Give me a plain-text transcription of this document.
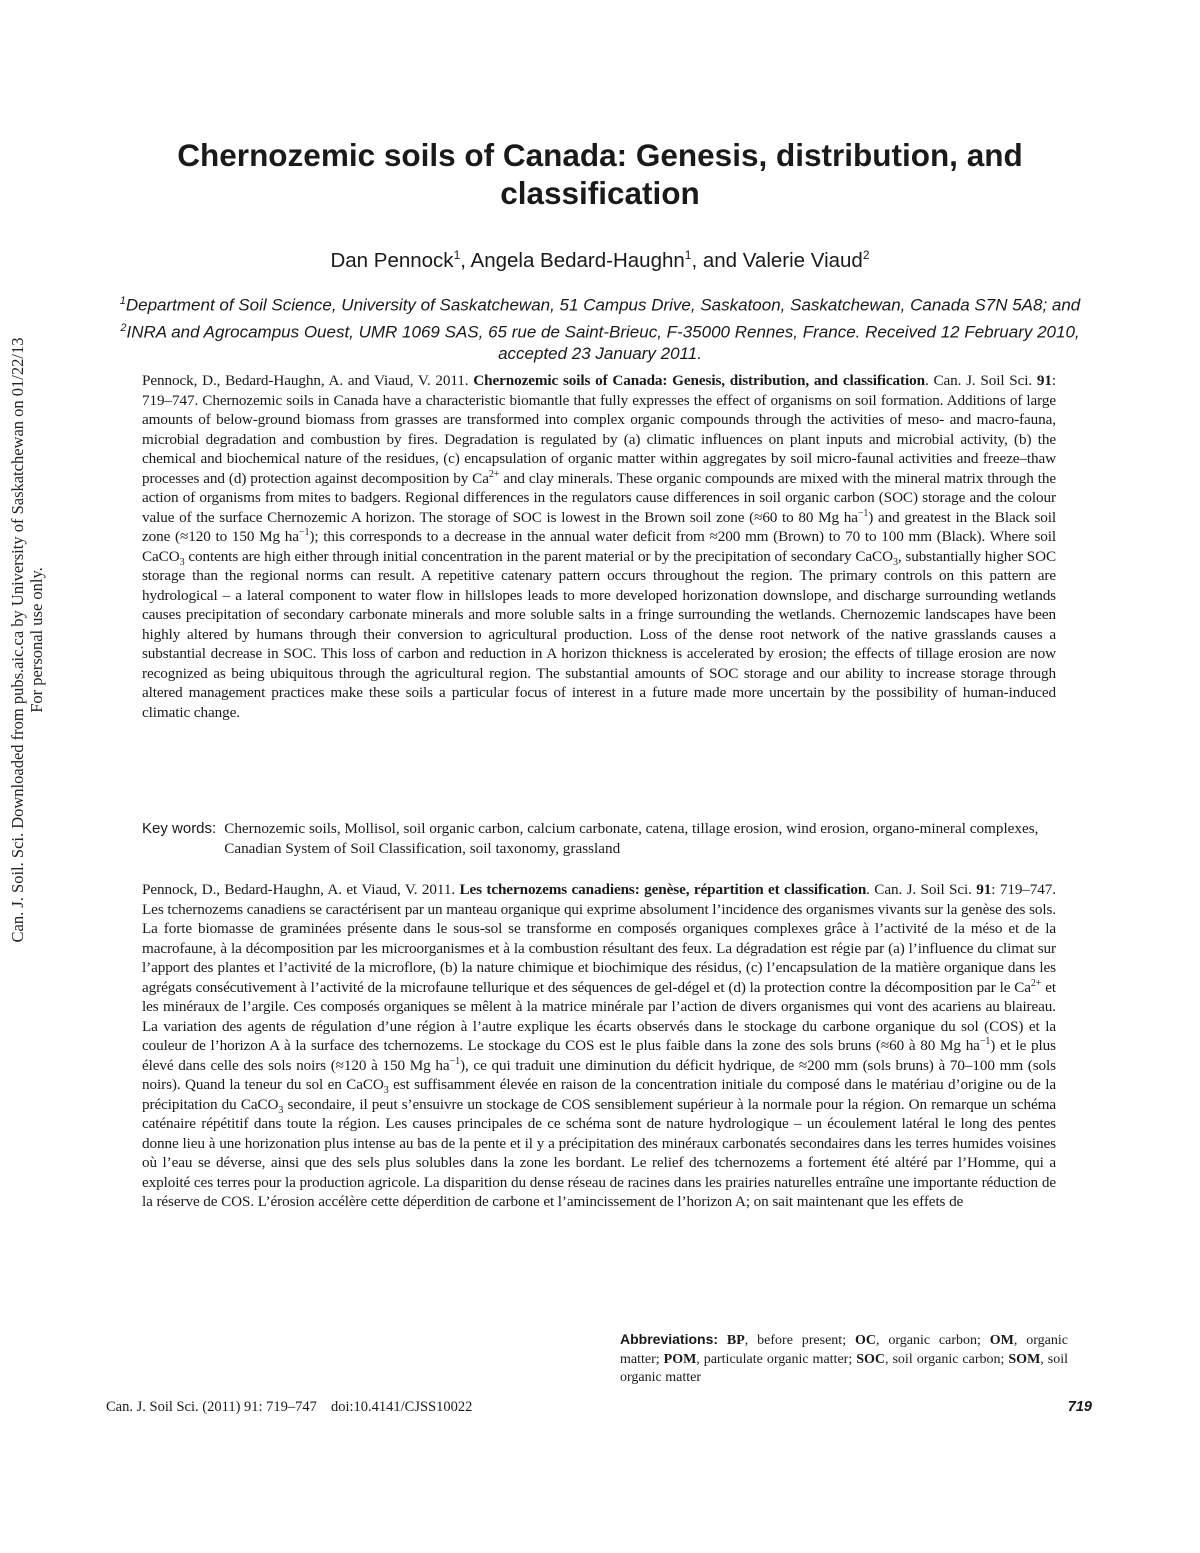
Can. J. Soil. Sci. Downloaded from pubs.aic.ca by University of Saskatchewan on 01/22/13 For personal use only.
Chernozemic soils of Canada: Genesis, distribution, and classification
Dan Pennock$^1$, Angela Bedard-Haughn$^1$, and Valerie Viaud$^2$
$^1$Department of Soil Science, University of Saskatchewan, 51 Campus Drive, Saskatoon, Saskatchewan, Canada S7N 5A8; and $^2$INRA and Agrocampus Ouest, UMR 1069 SAS, 65 rue de Saint-Brieuc, F-35000 Rennes, France. Received 12 February 2010, accepted 23 January 2011.
Pennock, D., Bedard-Haughn, A. and Viaud, V. 2011. Chernozemic soils of Canada: Genesis, distribution, and classification. Can. J. Soil Sci. 91: 719–747. Chernozemic soils in Canada have a characteristic biomantle that fully expresses the effect of organisms on soil formation. Additions of large amounts of below-ground biomass from grasses are transformed into complex organic compounds through the activities of meso- and macro-fauna, microbial degradation and combustion by fires. Degradation is regulated by (a) climatic influences on plant inputs and microbial activity, (b) the chemical and biochemical nature of the residues, (c) encapsulation of organic matter within aggregates by soil micro-faunal activities and freeze–thaw processes and (d) protection against decomposition by $Ca^{2+}$ and clay minerals. These organic compounds are mixed with the mineral matrix through the action of organisms from mites to badgers. Regional differences in the regulators cause differences in soil organic carbon (SOC) storage and the colour value of the surface Chernozemic A horizon. The storage of SOC is lowest in the Brown soil zone (≈60 to 80 Mg $ha^{-1}$) and greatest in the Black soil zone (≈120 to 150 Mg $ha^{-1}$); this corresponds to a decrease in the annual water deficit from ≈200 mm (Brown) to 70 to 100 mm (Black). Where soil CaCO$_3$ contents are high either through initial concentration in the parent material or by the precipitation of secondary CaCO$_3$, substantially higher SOC storage than the regional norms can result. A repetitive catenary pattern occurs throughout the region. The primary controls on this pattern are hydrological – a lateral component to water flow in hillslopes leads to more developed horizonation downslope, and discharge surrounding wetlands causes precipitation of secondary carbonate minerals and more soluble salts in a fringe surrounding the wetlands. Chernozemic landscapes have been highly altered by humans through their conversion to agricultural production. Loss of the dense root network of the native grasslands causes a substantial decrease in SOC. This loss of carbon and reduction in A horizon thickness is accelerated by erosion; the effects of tillage erosion are now recognized as being ubiquitous through the agricultural region. The substantial amounts of SOC storage and our ability to increase storage through altered management practices make these soils a particular focus of interest in a future made more uncertain by the possibility of human-induced climatic change.
Key words: Chernozemic soils, Mollisol, soil organic carbon, calcium carbonate, catena, tillage erosion, wind erosion, organo-mineral complexes, Canadian System of Soil Classification, soil taxonomy, grassland
Pennock, D., Bedard-Haughn, A. et Viaud, V. 2011. Les tchernozems canadiens: genèse, répartition et classification. Can. J. Soil Sci. 91: 719–747. Les tchernozems canadiens se caractérisent par un manteau organique qui exprime absolument l’incidence des organismes vivants sur la genèse des sols. La forte biomasse de graminées présente dans le sous-sol se transforme en composés organiques complexes grâce à l’activité de la méso et de la macrofaune, à la décomposition par les microorganismes et à la combustion résultant des feux. La dégradation est régie par (a) l’influence du climat sur l’apport des plantes et l’activité de la microflore, (b) la nature chimique et biochimique des résidus, (c) l’encapsulation de la matière organique dans les agrégats consécutivement à l’activité de la microfaune tellurique et des séquences de gel-dégel et (d) la protection contre la décomposition par le $Ca^{2+}$ et les minéraux de l’argile. Ces composés organiques se mêlent à la matrice minérale par l’action de divers organismes qui vont des acariens au blaireau. La variation des agents de régulation d’une région à l’autre explique les écarts observés dans le stockage du carbone organique du sol (COS) et la couleur de l’horizon A à la surface des tchernozems. Le stockage du COS est le plus faible dans la zone des sols bruns (≈60 à 80 Mg $ha^{-1}$) et le plus élevé dans celle des sols noirs (≈120 à 150 Mg $ha^{-1}$), ce qui traduit une diminution du déficit hydrique, de ≈200 mm (sols bruns) à 70–100 mm (sols noirs). Quand la teneur du sol en CaCO$_3$ est suffisamment élevée en raison de la concentration initiale du composé dans le matériau d’origine ou de la précipitation du CaCO$_3$ secondaire, il peut s’ensuivre un stockage de COS sensiblement supérieur à la normale pour la région. On remarque un schéma caténaire répétitif dans toute la région. Les causes principales de ce schéma sont de nature hydrologique – un écoulement latéral le long des pentes donne lieu à une horizonation plus intense au bas de la pente et il y a précipitation des minéraux carbonatés secondaires dans les terres humides voisines où l’eau se déverse, ainsi que des sels plus solubles dans la zone les bordant. Le relief des tchernozems a fortement été altéré par l’Homme, qui a exploité ces terres pour la production agricole. La disparition du dense réseau de racines dans les prairies naturelles entraîne une importante réduction de la réserve de COS. L’érosion accélère cette déperdition de carbone et l’amincissement de l’horizon A; on sait maintenant que les effets de
Abbreviations: BP, before present; OC, organic carbon; OM, organic matter; POM, particulate organic matter; SOC, soil organic carbon; SOM, soil organic matter
Can. J. Soil Sci. (2011) 91: 719–747 doi:10.4141/CJSS10022	719
